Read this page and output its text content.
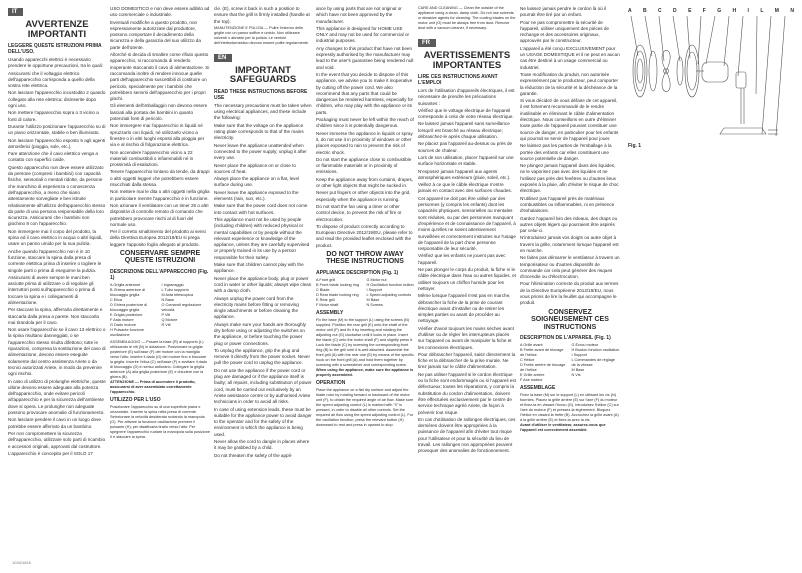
IT
AVVERTENZE IMPORTANTI
LEGGERE QUESTE ISTRUZIONI PRIMA DELL'USO.

Usando apparecchi elettrici è necessario prendere le opportune precauzioni, tra le quali:

Assicurarsi che il voltaggio elettrico dell'apparecchio corrisponda a quello della vostra rete elettrica.

Non lasciare l'apparecchio incustodito 2 quando collegato alla rete elettrica: disinserite dopo ogni uso.

Non mettere l'apparecchio sopra o 3 vicino a fonti di calore.

Durante l'utilizzo posizionare l'apparecchio su di un piano orizzontale, stabile e ben illuminato.

Non lasciare l'apparecchio esposto 5 agli agenti atmosferici (pioggia, sole, etc.).

Fare attenzione che il cavo elettrico venga a contatto con superfici calde.

Questo apparecchio non deve essere utilizzato da persone (compresi i bambini) con capacità fisiche, sensoriali o mentali ridotte, da persone che manchino di esperienza o conoscenza dell'apparecchio, a meno che siano attentamente sorvegliate e ben istruite relativamente all'utilizzo dell'apparecchio stesso da parte di una persona responsabile della loro sicurezza. Assicurarsi che i bambini non giochino 8 con l'apparecchio.

Non immergere mai il corpo del prodotto, la spina ed il cavo elettrico in acqua o altri liquidi, usare un panno umido per la sua pulizia.

Anche quando l'apparecchio non è in 10 funzione, staccare la spina dalla presa di corrente elettrica prima di inserire o togliere le singole parti o prima di eseguirne la pulizia.

Assicurarsi di avere sempre le mani ben asciutte prima di utilizzare o di regolare gli interruttori posti sull'apparecchio o prima di toccare la spina e i collegamenti di alimentazione.

Per staccare la spina, afferrarla direttamente e staccarla dalla presa a parete. Non staccarla mai tirandola per il cavo.

Non usare l'apparecchio se il cavo 13 elettrico o la spina risultano danneggiati, o se l'apparecchio stesso risulta difettoso; tutte le riparazioni, compresa la sostituzione del cavo di alimentazione, devono essere eseguite solamente dal centro assistenza Ariete o da tecnici autorizzati Ariete, in modo da prevenire ogni rischio.

In caso di utilizzo di prolunghe elettriche, queste ultime devono essere adeguate alla potenza dell'apparecchio, onde evitare pericoli all'apparecchio e per la sicurezza dell'ambiente dove si opera. Le prolunghe non adeguate possono provocare anomalie di funzionamento.

Non lasciare pendere il cavo in un luogo dove potrebbe essere afferrato da un bambino.

Per non compromettere la sicurezza dell'apparecchio, utilizzare solo parti di ricambio e accessori originali, approvati dal costruttore.

L'apparecchio è concepito per il SOLO 17

USO DOMESTICO e non deve essere adibito ad uso commerciale o industriale.

Eventuali modifiche a questo prodotto, non espressamente autorizzate dal produttore, possono comportare il decadimento della sicurezza e della garanzia del suo utilizzo da parte dell'utente.

Allorché si decida di smaltire come rifiuto questo apparecchio, si raccomanda di renderlo inoperante staccando il cavo di alimentazione. Si raccomanda inoltre di rendere innocue quelle parti dell'apparecchio suscettibili di costituire un pericolo, specialmente per i bambini che potrebbero servirsi dell'apparecchio per i propri giochi.

Gli elementi dell'imballaggio non devono essere lasciati alla portata dei bambini in quanto potenziali fonti di pericolo.

Non immergere mai l'apparecchio in liquidi né spruzzarlo con liquidi, né utilizzarlo vicino a finestre o in altri luoghi esposti alla pioggia per via e al rischio di folgorazione elettrica.

Non accendere l'apparecchio vicino a 22 materiali combustibili o infiammabili né in prossimità di esalazioni.

Tenere l'apparecchio lontano da tende, da drappi o altri oggetti leggeri che potrebbero essere risucchiati dalla stessa.

Non mettere mai le dita o altri oggetti nella griglia in particolare mentre l'apparecchio è in funzione.

Non azionare il ventilatore con un timer 25 o altri dispositivi di controllo remoto di comando che potrebbero provocare rischi al di fuori del normale uso.

Per il corretto smaltimento del prodotto ai sensi della Direttiva Europea 2012/19/EU si prega leggere l'apposito foglio allegato al prodotto.

CONSERVARE SEMPRE QUESTE ISTRUZIONI
DESCRIZIONE DELL'APPARECCHIO (Fig. 1)
A Griglia anteriore
B Ghiera anteriore di bloccaggio griglia
C Elica
D Ghiera posteriore di bloccaggio griglia
E Griglia posteriore
F Asta motore
G Dado motore
H Pulsante funzione oscillazione
I Ingranaggio
L Tubo supporto
M Asta telescopica
N Base
O Comandi regolazione velocità
P Viti
Q Motore
R Viti

ASSEMBLAGGIO — Posare la base (R) al supporto (L) utilizzando le viti (N) in dotazione. Posizionare la griglia posteriore (E) sull'asse (F) del motore con la maniglia verso l'alto; inserire il dado (G) del motore fino a bloccare la griglia. Inserire l'elica (C) nell'asse (F) e avvitare il dado di bloccaggio (D) in senso antiorario. Collegare la griglia anteriore (A) alla griglia posteriore (E) e chiudere con la ghiera (B).

ATTENZIONE — Prima di accendere il prodotto, assicurarsi di aver assemblato correttamente l'apparecchio.

UTILIZZO PER L'USO

Posizionare l'apparecchio su di una superficie piana e orizzontale. Inserire la spina nella presa di corrente. Selezionare la velocità desiderata ruotando la manopola (O). Per attivare la funzione oscillazione premere il pulsante (H); per disattivarla tirarlo verso l'alto. Per spegnere l'apparecchio ruotare la manopola sulla posizione 0 e staccare la spina.

cle. (E), screw it back in such a position to ensure that the grill is firmly installed (handle at the top).

MANUTENZIONE E PULIZIA — Pulire l'esterno delle griglie con un panno soffice e umido. Non utilizzare solventi o abrasivi per la pulizia. Le ventole dell'elettrodomestico devono essere pulite regolarmente.

EN
IMPORTANT SAFEGUARDS
READ THESE INSTRUCTIONS BEFORE USE

The necessary precautions must be taken when using electrical appliances, and these include the following:

Make sure that the voltage on the appliance rating plate corresponds to that of the mains electricity.

Never leave the appliance unattended when connected to the power supply; unplug it after every use.

Never place the appliance on or close to sources of heat.

Always place the appliance on a flat, level surface during use.

Never leave the appliance exposed to the elements (rain, sun, etc.).

Make sure that the power cord does not come into contact with hot surfaces.

This appliance must not be used by people (including children) with reduced physical or mental capabilities or by people without the relevant experience or knowledge of the appliance, unless they are carefully supervised or properly trained in its use by a person responsible for their safety.

Make sure that children cannot play with the appliance.

Never place the appliance body, plug or power cord in water or other liquids; always wipe clean with a damp cloth.

Always unplug the power cord from the electricity mains before fitting or removing single attachments or before cleaning the appliance.

Always make sure your hands are thoroughly dry before using or adjusting the switches on the appliance, or before touching the power plug or power connections.

To unplug the appliance, grip the plug and remove it directly from the power socket. Never pull the power cord to unplug the appliance.

Do not use the appliance if the power cord or plug are damaged or if the appliance itself is faulty; all repairs, including substitution of power cord, must be carried out exclusively by an Ariete assistance centre or by authorised Ariete technicians in order to avoid all risks.

In case of using extension leads, these must be suitable for the appliance power to avoid danger to the operator and for the safety of the environment in which the appliance is being used.

Never allow the cord to dangle in places where it may be grabbed by a child.

Do not threaten the safety of the appli-

ance by using parts that are not original or which have not been approved by the manufacturer.

This appliance is designed for HOME USE ONLY and may not be used for commercial or industrial purposes.

Any changes to this product that have not been expressly authorised by the manufacturer may lead to the user's guarantee being rendered null and void.

In the event that you decide to dispose of this appliance, we advise you to make it inoperative by cutting off the power cord. We also recommend that any parts that could be dangerous be rendered harmless, especially for children, who may play with the appliance or its parts.

Packaging must never be left within the reach of children since it is potentially dangerous.

Never immerse the appliance in liquids or spray it, do not use it in proximity of windows or other places exposed to rain to prevent the risk of electric shock.

Do not start the appliance close to combustible or flammable materials or in proximity of emissions.

Keep the appliance away from curtains, drapes, or other light objects that might be sucked in.

Never put fingers or other objects into the grid, especially when the appliance is running.

Do not start the fan using a timer or other control device, to prevent the risk of fire or electrocution.

To dispose of product correctly according to European Directive 2012/19/EU, please refer to and read the provided leaflet enclosed with the product.

DO NOT THROW AWAY THESE INSTRUCTIONS
APPLIANCE DESCRIPTION (Fig. 1)
A Front grill
B Front blade locking ring
C Blade
D Rear blade locking ring
E Rear grill
F Motor shaft
G Motor nut
H Oscillation function button
I Support
L Speed adjusting controls
M Base
N Screws
ASSEMBLY

Fix the base (M) to the support (L) using the screws (N) supplied. Position the rear grill (E) onto the shaft of the motor unit (F) and fix it by inserting and rotating the adjusting nut (G) clockwise until it locks in place. Insert the blade (C) onto the motor shaft (F) and slightly press it. Lock the blade (C) by screwing the corresponding front ring (B) to the grill until it is well attached. Assemble the front grill (A) with the rear one (E) by means of the specific hook on the front grill (A) and hold them together by screwing with a screwdriver and corresponding screw.

When using the appliance, make sure the appliance is properly assembled.

OPERATION

Place the appliance on a flat dry surface and adjust the blade rotor by rotating forward or backward of the motor unit (F), to obtain the required angle of air flow. Make sure the speed adjusting control (L) is marked with "0" is pressed, in order to disable all other controls. Set the required air flow using the speed adjusting control (L). For the oscillation function, press the relevant button (H) downward to rest and press in upward to stop.

CARE AND CLEANING — Clean the outside of the appliance using a clean, damp cloth. Do not use solvents or abrasive agents for cleaning. The cooling blades on the motor unit (O) must be always free from dust. Remove dust with a vacuum cleaner, if necessary.

FR
AVERTISSEMENTS IMPORTANTES
LIRE CES INSTRUCTIONS AVANT L'EMPLOI

Lors de l'utilisation d'appareils électriques, il est nécessaire de prendre les précautions suivantes :

Vérifiez que le voltage électrique de l'appareil corresponde à celui de votre réseau électrique.

Ne laissez jamais l'appareil sans surveillance lorsqu'il est branché au réseau électrique; débranchez-le après chaque utilisation.

Ne placez pas l'appareil au-dessus ou près de sources de chaleur.

Lors de son utilisation, placer l'appareil sur une surface horizontale et stable.

N'exposez jamais l'appareil aux agents atmosphériques extérieurs (pluie, soleil, etc.).

Veillez à ce que le câble électrique n'entre jamais en contact avec des surfaces chaudes.

Cet appareil ne doit pas être utilisé par des personnes (y compris les enfants) dont les capacités physiques, sensorielles ou mentales sont réduites, ou par des personnes manquant d'expérience et de connaissance de l'appareil, à moins qu'elles ne soient attentivement surveillées et correctement instruites sur l'usage de l'appareil de la part d'une personne responsable de leur sécurité.

Vérifiez que les enfants ne jouent pas avec l'appareil.

Ne pas plonger le corps du produit, la fiche ni le câble électrique dans l'eau ou autres liquides, et utiliser toujours un chiffon humide pour les nettoyer.

Même lorsque l'appareil n'est pas en marche, débrancher la fiche de la prise de courant électrique avant d'installer ou de retirer les simples parties ou avant de procéder au nettoyage.

Vérifier d'avoir toujours les mains sèches avant d'utiliser ou de régler les interrupteurs placés sur l'appareil ou avant de manipuler la fiche et les connexions électriques.

Pour débrancher l'appareil, saisir directement la fiche et la débrancher de la prise murale. Ne tirez jamais sur le câble d'alimentation.

Ne pas utiliser l'appareil si le cordon électrique ou la fiche sont endommagés ou si l'appareil est défectueux; toutes les réparations, y compris la substitution du cordon d'alimentation, doivent être effectuées exclusivement par le centre de service technique agréé Ariete, de façon à prévenir tout risque.

En cas d'utilisation de rallonges électriques, ces dernières doivent être appropriées à la puissance de l'appareil afin d'éviter tout risque pour l'utilisateur et pour la sécurité du lieu de travail. Les rallonges non appropriées peuvent provoquer des anomalies de fonctionnement.

Ne laissez jamais pendre le cordon là où il pourrait être tiré par un enfant.

Pour ne pas compromettre la sécurité de l'appareil, utiliser uniquement des pièces de rechange et des accessoires originaux, approuvés par le constructeur.

L'appareil a été conçu EXCLUSIVEMENT pour un USAGE DOMESTIQUE et il ne peut en aucun cas être destiné à un usage commercial ou industriel.

Toute modification du produit, non autorisée expressément par le producteur, peut comporter la réduction de la sécurité et la déchéance de la garantie.

Si vous décidez de vous défaire de cet appareil, il est fortement recommandé de le rendre inutilisable en éliminant le câble d'alimentation électrique. Nous conseillons en outre d'éliminer toute partie de l'appareil pouvant constituer une source de danger, en particulier pour les enfants qui pourrait se servir de l'appareil pour jouer.

Ne laissez pas les parties de l'emballage à la portée des enfants car elles constituent une source potentielle de danger.

Ne plongez jamais l'appareil dans des liquides, ne le vaporisez pas avec des liquides et ne l'utilisez pas près des fenêtres ou d'autres lieux exposés à la pluie, afin d'éviter le risque de choc électrique.

N'utilisez pas l'appareil près de matériaux combustibles ou inflammables, ni en présence d'exhalaisons.

Gardez l'appareil loin des rideaux, des draps ou autres objets légers qui pourraient être aspirés par celui-ci.

N'introduisez jamais vos doigts ou autre objet à travers la grille, notamment lorsque l'appareil est en marche.

Ne faites pas démarrer le ventilateur à travers un temporisateur ou d'autres dispositifs de commande car cela peut générer des risques d'incendie ou d'électrocution.

Pour l'élimination correcte du produit aux termes de la Directive Européenne 2012/19/EU, nous vous prions de lire la feuillet qui accompagne le produit.

CONSERVEZ SOIGNEUSEMENT CES INSTRUCTIONS
DESCRIPTION DE L'APPAREIL (Fig. 1)
A Grille avant
B Frette avant de blocage de l'hélice
C Hélice
D Frette arrière de blocage de l'hélice
E Grille arrière
F Axe moteur
G Écrou moteur
H Bouton fonction oscillation
I Support
L Commandes de réglage de la vitesse
M Base
N Vis
ASSEMBLAGE

Fixez la base (M) sur le support (L) en utilisant les vis (N) fournies. Placez la grille arrière (E) sur l'axe (F) du moteur et fixez-la en vissant l'écrou (G). Introduisez l'hélice (C) sur l'axe du moteur (F) et pressez-la légèrement. Bloquez l'hélice en vissant la frette (B). Accrochez la grille avant (A) à la grille arrière (E) et fixez-la avec la vis.

Avant d'utiliser le ventilateur, assurez-vous que l'appareil est correctement assemblé.

A B C D E F G H I L M N
Fig. 1
1034/1816
